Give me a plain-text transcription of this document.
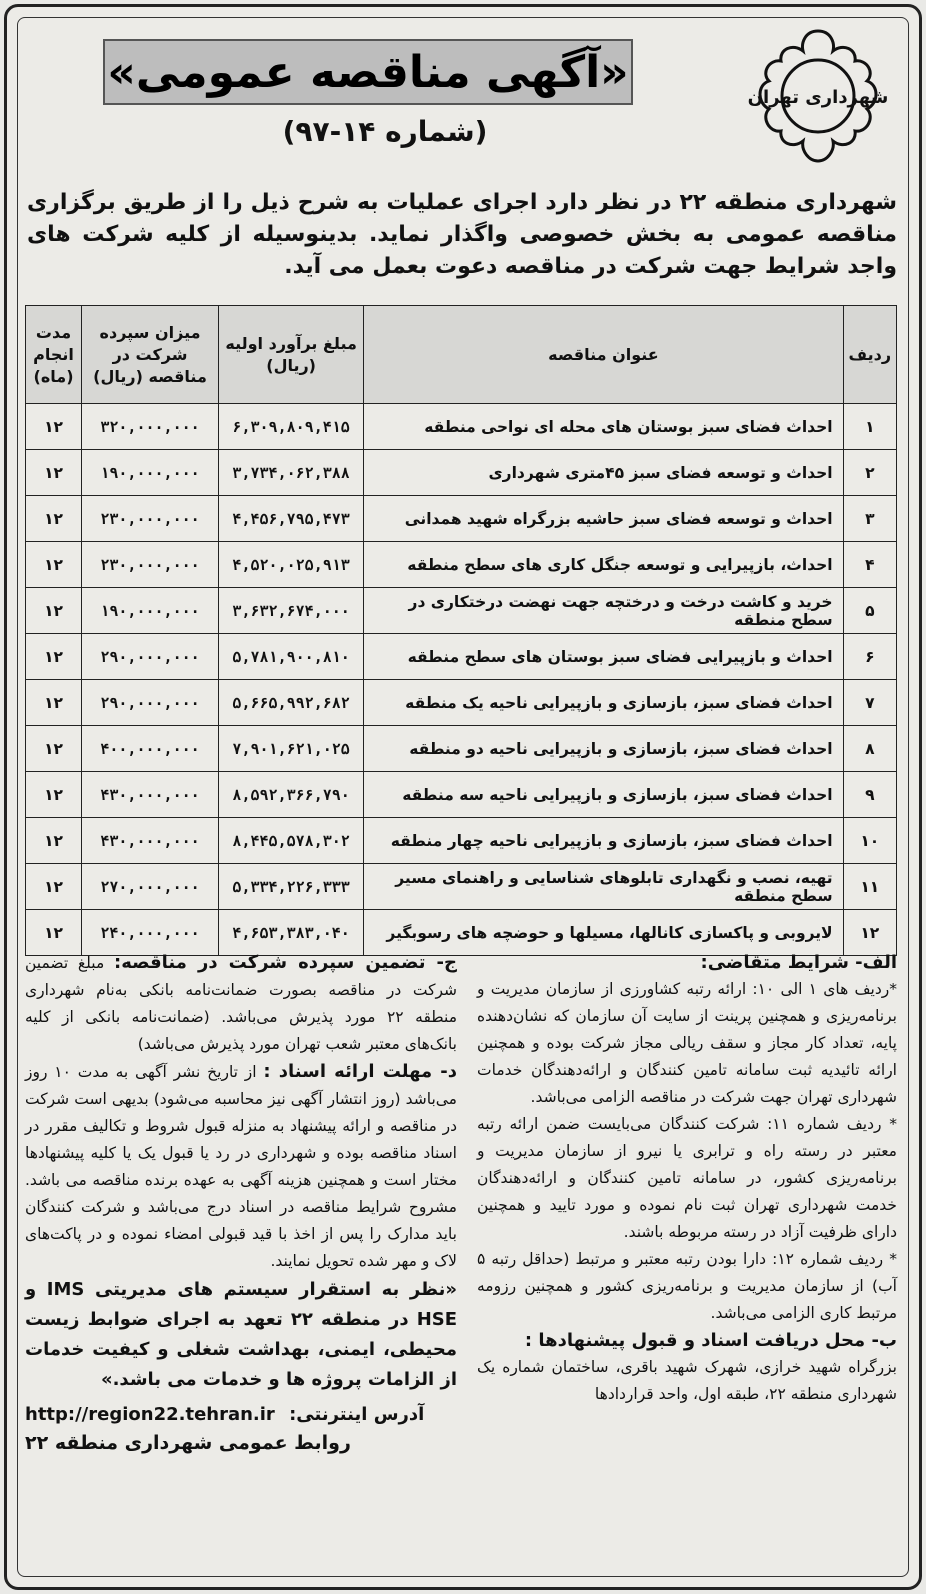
شهرداری تهران
«آگهی مناقصه عمومی»
(شماره ۱۴-۹۷)

شهرداری منطقه ۲۲ در نظر دارد اجرای عملیات به شرح ذیل را از طریق برگزاری مناقصه عمومی به بخش خصوصی واگذار نماید. بدینوسیله از کلیه شرکت های واجد شرایط جهت شرکت در مناقصه دعوت بعمل می آید.

ردیف	عنوان مناقصه	مبلغ برآورد اولیه (ریال)	میزان سپرده شرکت در مناقصه (ریال)	مدت انجام (ماه)
۱	احداث فضای سبز بوستان های محله ای نواحی منطقه	۶,۳۰۹,۸۰۹,۴۱۵	۳۲۰,۰۰۰,۰۰۰	۱۲
۲	احداث و توسعه فضای سبز ۴۵متری شهرداری	۳,۷۳۴,۰۶۲,۳۸۸	۱۹۰,۰۰۰,۰۰۰	۱۲
۳	احداث و توسعه فضای سبز حاشیه بزرگراه شهید همدانی	۴,۴۵۶,۷۹۵,۴۷۳	۲۳۰,۰۰۰,۰۰۰	۱۲
۴	احداث، بازپیرایی و توسعه جنگل کاری های سطح منطقه	۴,۵۲۰,۰۲۵,۹۱۳	۲۳۰,۰۰۰,۰۰۰	۱۲
۵	خرید و کاشت درخت و درختچه جهت نهضت درختکاری در سطح منطقه	۳,۶۳۲,۶۷۴,۰۰۰	۱۹۰,۰۰۰,۰۰۰	۱۲
۶	احداث و بازپیرایی فضای سبز بوستان های سطح منطقه	۵,۷۸۱,۹۰۰,۸۱۰	۲۹۰,۰۰۰,۰۰۰	۱۲
۷	احداث فضای سبز، بازسازی و بازپیرایی ناحیه یک منطقه	۵,۶۶۵,۹۹۲,۶۸۲	۲۹۰,۰۰۰,۰۰۰	۱۲
۸	احداث فضای سبز، بازسازی و بازپیرایی ناحیه دو منطقه	۷,۹۰۱,۶۲۱,۰۲۵	۴۰۰,۰۰۰,۰۰۰	۱۲
۹	احداث فضای سبز، بازسازی و بازپیرایی ناحیه سه منطقه	۸,۵۹۲,۳۶۶,۷۹۰	۴۳۰,۰۰۰,۰۰۰	۱۲
۱۰	احداث فضای سبز، بازسازی و بازپیرایی ناحیه چهار منطقه	۸,۴۴۵,۵۷۸,۳۰۲	۴۳۰,۰۰۰,۰۰۰	۱۲
۱۱	تهیه، نصب و نگهداری تابلوهای شناسایی و راهنمای مسیر سطح منطقه	۵,۳۳۴,۲۲۶,۳۳۳	۲۷۰,۰۰۰,۰۰۰	۱۲
۱۲	لایروبی و پاکسازی کانالها، مسیلها و حوضچه های رسوبگیر	۴,۶۵۳,۳۸۳,۰۴۰	۲۴۰,۰۰۰,۰۰۰	۱۲
الف- شرایط متقاضی:

*ردیف های ۱ الی ۱۰: ارائه رتبه کشاورزی از سازمان مدیریت و برنامه‌ریزی و همچنین پرینت از سایت آن سازمان که نشان‌دهنده پایه، تعداد کار مجاز و سقف ریالی مجاز شرکت بوده و همچنین ارائه تائیدیه ثبت سامانه تامین کنندگان و ارائه‌دهندگان خدمات شهرداری تهران جهت شرکت در مناقصه الزامی می‌باشد.

* ردیف شماره ۱۱: شرکت کنندگان می‌بایست ضمن ارائه رتبه معتبر در رسته راه و ترابری یا نیرو از سازمان مدیریت و برنامه‌ریزی کشور، در سامانه تامین کنندگان و ارائه‌دهندگان خدمت شهرداری تهران ثبت نام نموده و مورد تایید و همچنین دارای ظرفیت آزاد در رسته مربوطه باشند.

* ردیف شماره ۱۲: دارا بودن رتبه معتبر و مرتبط (حداقل رتبه ۵ آب) از سازمان مدیریت و برنامه‌ریزی کشور و همچنین رزومه مرتبط کاری الزامی می‌باشد.

ب- محل دریافت اسناد و قبول پیشنهادها :

بزرگراه شهید خرازی، شهرک شهید باقری، ساختمان شماره یک شهرداری منطقه ۲۲، طبقه اول، واحد قراردادها

ج- تضمین سپرده شرکت در مناقصه: مبلغ تضمین شرکت در مناقصه بصورت ضمانت‌نامه بانکی به‌نام شهرداری منطقه ۲۲ مورد پذیرش می‌باشد. (ضمانت‌نامه بانکی از کلیه بانک‌های معتبر شعب تهران مورد پذیرش می‌باشد)

د- مهلت ارائه اسناد : از تاریخ نشر آگهی به مدت ۱۰ روز می‌باشد (روز انتشار آگهی نیز محاسبه می‌شود) بدیهی است شرکت در مناقصه و ارائه پیشنهاد به منزله قبول شروط و تکالیف مقرر در اسناد مناقصه بوده و شهرداری در رد یا قبول یک یا کلیه پیشنهادها مختار است و همچنین هزینه آگهی به عهده برنده مناقصه می باشد. مشروح شرایط مناقصه در اسناد درج می‌باشد و شرکت کنندگان باید مدارک را پس از اخذ با قید قبولی امضاء نموده و در پاکت‌های لاک و مهر شده تحویل نمایند.

«نظر به استقرار سیستم های مدیریتی IMS و HSE در منطقه ۲۲ تعهد به اجرای ضوابط زیست محیطی، ایمنی، بهداشت شغلی و کیفیت خدمات از الزامات پروژه ها و خدمات می باشد.»

http://region22.tehran.ir آدرس اینترنتی:
روابط عمومی شهرداری منطقه ۲۲
